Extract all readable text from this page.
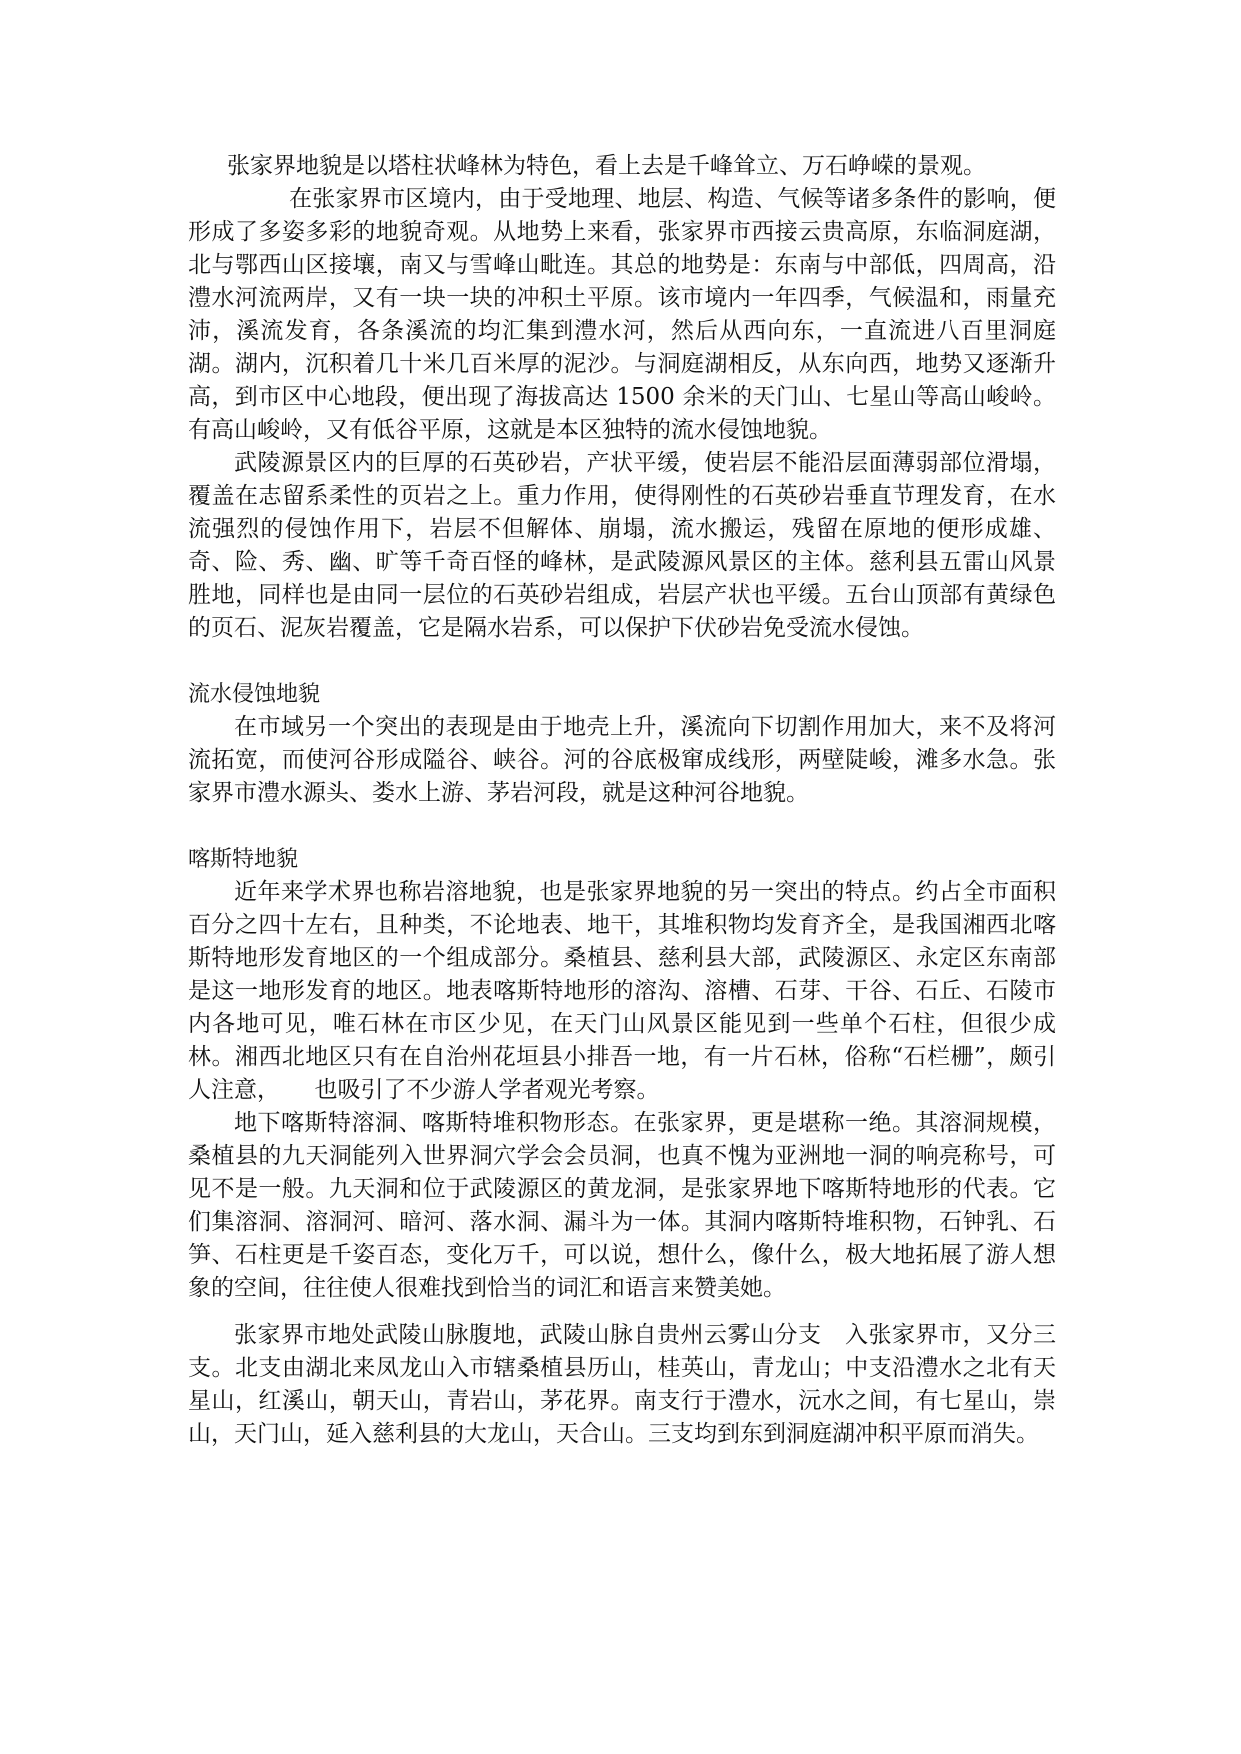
张家界地貌是以塔柱状峰林为特色，看上去是千峰耸立、万石峥嵘的景观。

在张家界市区境内，由于受地理、地层、构造、气候等诸多条件的影响，便形成了多姿多彩的地貌奇观。从地势上来看，张家界市西接云贵高原，东临洞庭湖，北与鄂西山区接壤，南又与雪峰山毗连。其总的地势是：东南与中部低，四周高，沿澧水河流两岸，又有一块一块的冲积土平原。该市境内一年四季，气候温和，雨量充沛，溪流发育，各条溪流的均汇集到澧水河，然后从西向东，一直流进八百里洞庭湖。湖内，沉积着几十米几百米厚的泥沙。与洞庭湖相反，从东向西，地势又逐渐升高，到市区中心地段，便出现了海拔高达 1500 余米的天门山、七星山等高山峻岭。有高山峻岭，又有低谷平原，这就是本区独特的流水侵蚀地貌。

武陵源景区内的巨厚的石英砂岩，产状平缓，使岩层不能沿层面薄弱部位滑塌，覆盖在志留系柔性的页岩之上。重力作用，使得刚性的石英砂岩垂直节理发育，在水流强烈的侵蚀作用下，岩层不但解体、崩塌，流水搬运，残留在原地的便形成雄、奇、险、秀、幽、旷等千奇百怪的峰林，是武陵源风景区的主体。慈利县五雷山风景胜地，同样也是由同一层位的石英砂岩组成，岩层产状也平缓。五台山顶部有黄绿色的页石、泥灰岩覆盖，它是隔水岩系，可以保护下伏砂岩免受流水侵蚀。

流水侵蚀地貌

在市域另一个突出的表现是由于地壳上升，溪流向下切割作用加大，来不及将河流拓宽，而使河谷形成隘谷、峡谷。河的谷底极窜成线形，两壁陡峻，滩多水急。张家界市澧水源头、娄水上游、茅岩河段，就是这种河谷地貌。

喀斯特地貌

近年来学术界也称岩溶地貌，也是张家界地貌的另一突出的特点。约占全市面积百分之四十左右，且种类，不论地表、地干，其堆积物均发育齐全，是我国湘西北喀斯特地形发育地区的一个组成部分。桑植县、慈利县大部，武陵源区、永定区东南部是这一地形发育的地区。地表喀斯特地形的溶沟、溶槽、石芽、干谷、石丘、石陵市内各地可见，唯石林在市区少见，在天门山风景区能见到一些单个石柱，但很少成林。湘西北地区只有在自治州花垣县小排吾一地，有一片石林，俗称“石栏栅”，颇引人注意，　　也吸引了不少游人学者观光考察。

地下喀斯特溶洞、喀斯特堆积物形态。在张家界，更是堪称一绝。其溶洞规模，桑植县的九天洞能列入世界洞穴学会会员洞，也真不愧为亚洲地一洞的响亮称号，可见不是一般。九天洞和位于武陵源区的黄龙洞，是张家界地下喀斯特地形的代表。它们集溶洞、溶洞河、暗河、落水洞、漏斗为一体。其洞内喀斯特堆积物，石钟乳、石笋、石柱更是千姿百态，变化万千，可以说，想什么，像什么，极大地拓展了游人想象的空间，往往使人很难找到恰当的词汇和语言来赞美她。

张家界市地处武陵山脉腹地，武陵山脉自贵州云雾山分支　入张家界市，又分三支。北支由湖北来凤龙山入市辖桑植县历山，桂英山，青龙山；中支沿澧水之北有天星山，红溪山，朝天山，青岩山，茅花界。南支行于澧水，沅水之间，有七星山，崇山，天门山，延入慈利县的大龙山，天合山。三支均到东到洞庭湖冲积平原而消失。
